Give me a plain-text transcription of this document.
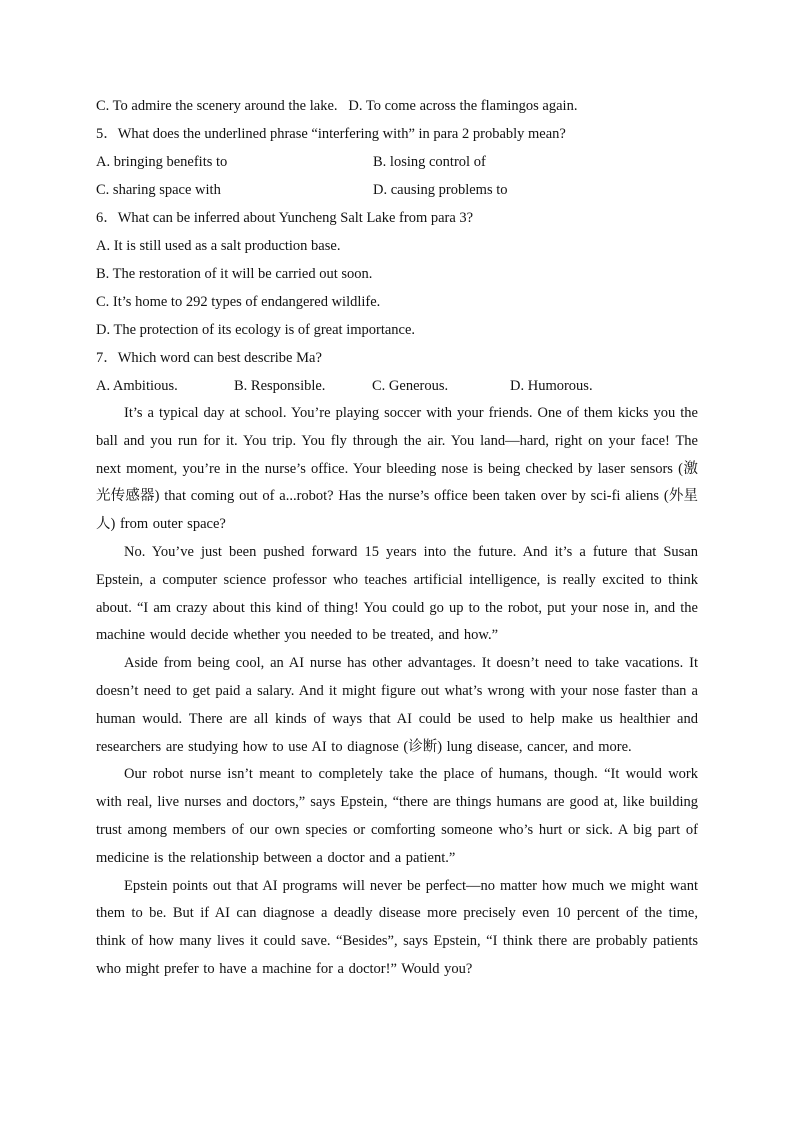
C. To admire the scenery around the lake. D. To come across the flamingos again.
5．What does the underlined phrase “interfering with” in para 2 probably mean?
A. bringing benefits to	B. losing control of
C. sharing space with	D. causing problems to
6．What can be inferred about Yuncheng Salt Lake from para 3?
A. It is still used as a salt production base.
B. The restoration of it will be carried out soon.
C. It’s home to 292 types of endangered wildlife.
D. The protection of its ecology is of great importance.
7．Which word can best describe Ma?
A. Ambitious.	B. Responsible.	C. Generous.	D. Humorous.

It’s a typical day at school. You’re playing soccer with your friends. One of them kicks you the ball and you run for it. You trip. You fly through the air. You land—hard, right on your face! The next moment, you’re in the nurse’s office. Your bleeding nose is being checked by laser sensors (激光传感器) that coming out of a...robot? Has the nurse’s office been taken over by sci-fi aliens (外星人) from outer space?

No. You’ve just been pushed forward 15 years into the future. And it’s a future that Susan Epstein, a computer science professor who teaches artificial intelligence, is really excited to think about. “I am crazy about this kind of thing! You could go up to the robot, put your nose in, and the machine would decide whether you needed to be treated, and how.”

Aside from being cool, an AI nurse has other advantages. It doesn’t need to take vacations. It doesn’t need to get paid a salary. And it might figure out what’s wrong with your nose faster than a human would. There are all kinds of ways that AI could be used to help make us healthier and researchers are studying how to use AI to diagnose (诊断) lung disease, cancer, and more.

Our robot nurse isn’t meant to completely take the place of humans, though. “It would work with real, live nurses and doctors,” says Epstein, “there are things humans are good at, like building trust among members of our own species or comforting someone who’s hurt or sick. A big part of medicine is the relationship between a doctor and a patient.”

Epstein points out that AI programs will never be perfect—no matter how much we might want them to be. But if AI can diagnose a deadly disease more precisely even 10 percent of the time, think of how many lives it could save. “Besides”, says Epstein, “I think there are probably patients who might prefer to have a machine for a doctor!” Would you?
